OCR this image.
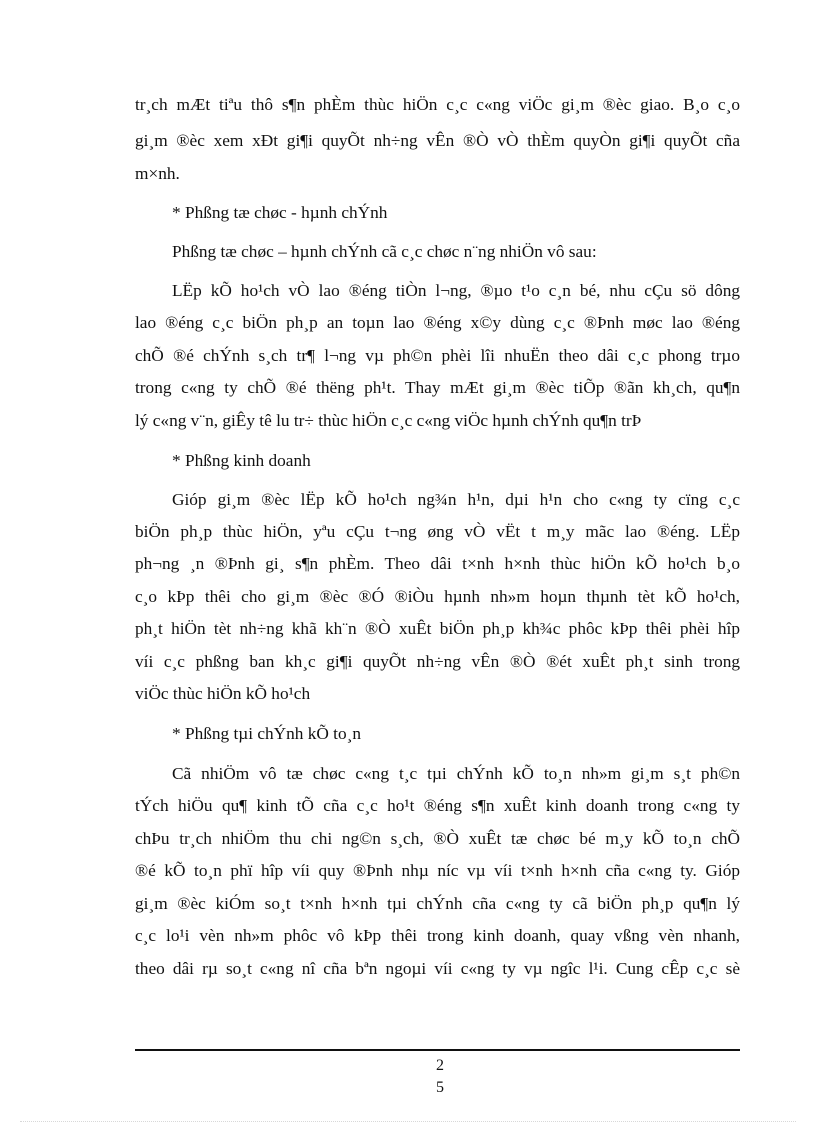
tr¸ch mÆt tiªu thô s¶n phÈm thùc hiÖn c¸c c«ng viÖc gi¸m ®èc giao. B¸o c¸o
gi¸m ®èc xem xÐt gi¶i quyÕt nh÷ng vÊn ®Ò vÒ thÈm quyÒn gi¶i quyÕt cña
m×nh.
* Phßng tæ chøc - hµnh chÝnh
Phßng tæ chøc – hµnh chÝnh cã c¸c chøc n¨ng nhiÖn vô sau:
LËp kÕ ho¹ch vÒ lao ®éng tiÒn l¬ng, ®µo t¹o c¸n bé, nhu cÇu sö dông
lao ®éng c¸c biÖn ph¸p an toµn lao ®éng x©y dùng c¸c ®Þnh møc lao ®éng
chÕ ®é chÝnh s¸ch tr¶ l¬ng vµ ph©n phèi lîi nhuËn theo dâi c¸c phong trµo
trong c«ng ty chÕ ®é thëng ph¹t. Thay mÆt gi¸m ®èc tiÕp ®ãn kh¸ch, qu¶n
lý c«ng v¨n, giÊy tê lu tr÷ thùc hiÖn c¸c c«ng viÖc hµnh chÝnh qu¶n trÞ
* Phßng kinh doanh
Gióp gi¸m ®èc lËp kÕ ho¹ch ng¾n h¹n, dµi h¹n cho c«ng ty cïng c¸c
biÖn ph¸p thùc hiÖn, yªu cÇu t¬ng øng vÒ vËt t m¸y mãc lao ®éng. LËp
ph¬ng ¸n ®Þnh gi¸ s¶n phÈm. Theo dâi t×nh h×nh thùc hiÖn kÕ ho¹ch b¸o
c¸o kÞp thêi cho gi¸m ®èc ®Ó ®iÒu hµnh nh»m hoµn thµnh tèt kÕ ho¹ch,
ph¸t hiÖn tèt nh÷ng khã kh¨n ®Ò xuÊt biÖn ph¸p kh¾c phôc kÞp thêi phèi hîp
víi c¸c phßng ban kh¸c gi¶i quyÕt nh÷ng vÊn ®Ò ®ét xuÊt ph¸t sinh trong
viÖc thùc hiÖn kÕ ho¹ch
* Phßng tµi chÝnh kÕ to¸n
Cã nhiÖm vô tæ chøc c«ng t¸c tµi chÝnh kÕ to¸n nh»m gi¸m s¸t ph©n
tÝch hiÖu qu¶ kinh tÕ cña c¸c ho¹t ®éng s¶n xuÊt kinh doanh trong c«ng ty
chÞu tr¸ch nhiÖm thu chi ng©n s¸ch, ®Ò xuÊt tæ chøc bé m¸y kÕ to¸n chÕ
®é kÕ to¸n phï hîp víi quy ®Þnh nhµ níc vµ víi t×nh h×nh cña c«ng ty. Gióp
gi¸m ®èc kiÓm so¸t t×nh h×nh tµi chÝnh cña c«ng ty cã biÖn ph¸p qu¶n lý
c¸c lo¹i vèn nh»m phôc vô kÞp thêi trong kinh doanh, quay vßng vèn nhanh,
theo dâi rµ so¸t c«ng nî cña bªn ngoµi víi c«ng ty vµ ngîc l¹i. Cung cÊp c¸c sè
2
5
